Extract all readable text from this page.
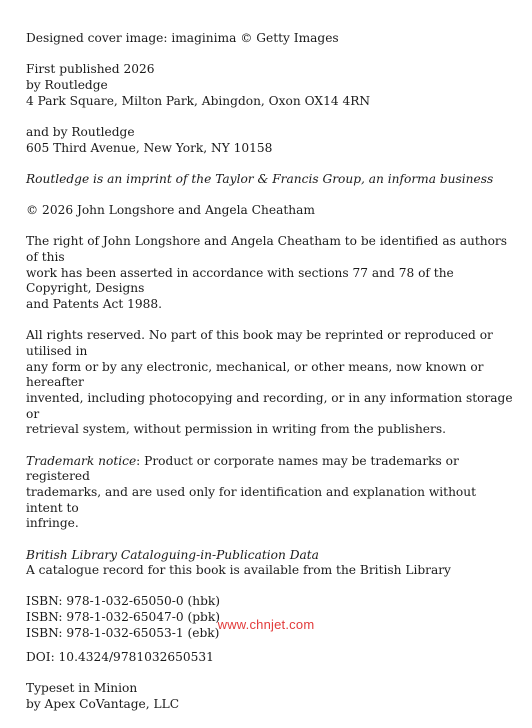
Designed cover image: imaginima © Getty Images

First published 2026
by Routledge
4 Park Square, Milton Park, Abingdon, Oxon OX14 4RN
and by Routledge
605 Third Avenue, New York, NY 10158

Routledge is an imprint of the Taylor & Francis Group, an informa business

© 2026 John Longshore and Angela Cheatham

The right of John Longshore and Angela Cheatham to be identified as authors of this
work has been asserted in accordance with sections 77 and 78 of the Copyright, Designs
and Patents Act 1988.
All rights reserved. No part of this book may be reprinted or reproduced or utilised in
any form or by any electronic, mechanical, or other means, now known or hereafter
invented, including photocopying and recording, or in any information storage or
retrieval system, without permission in writing from the publishers.
Trademark notice: Product or corporate names may be trademarks or registered
trademarks, and are used only for identification and explanation without intent to
infringe.
British Library Cataloguing-in-Publication Data
A catalogue record for this book is available from the British Library
ISBN: 978-1-032-65050-0 (hbk)
ISBN: 978-1-032-65047-0 (pbk)
ISBN: 978-1-032-65053-1 (ebk)

DOI: 10.4324/9781032650531

Typeset in Minion
by Apex CoVantage, LLC
www.chnjet.com
